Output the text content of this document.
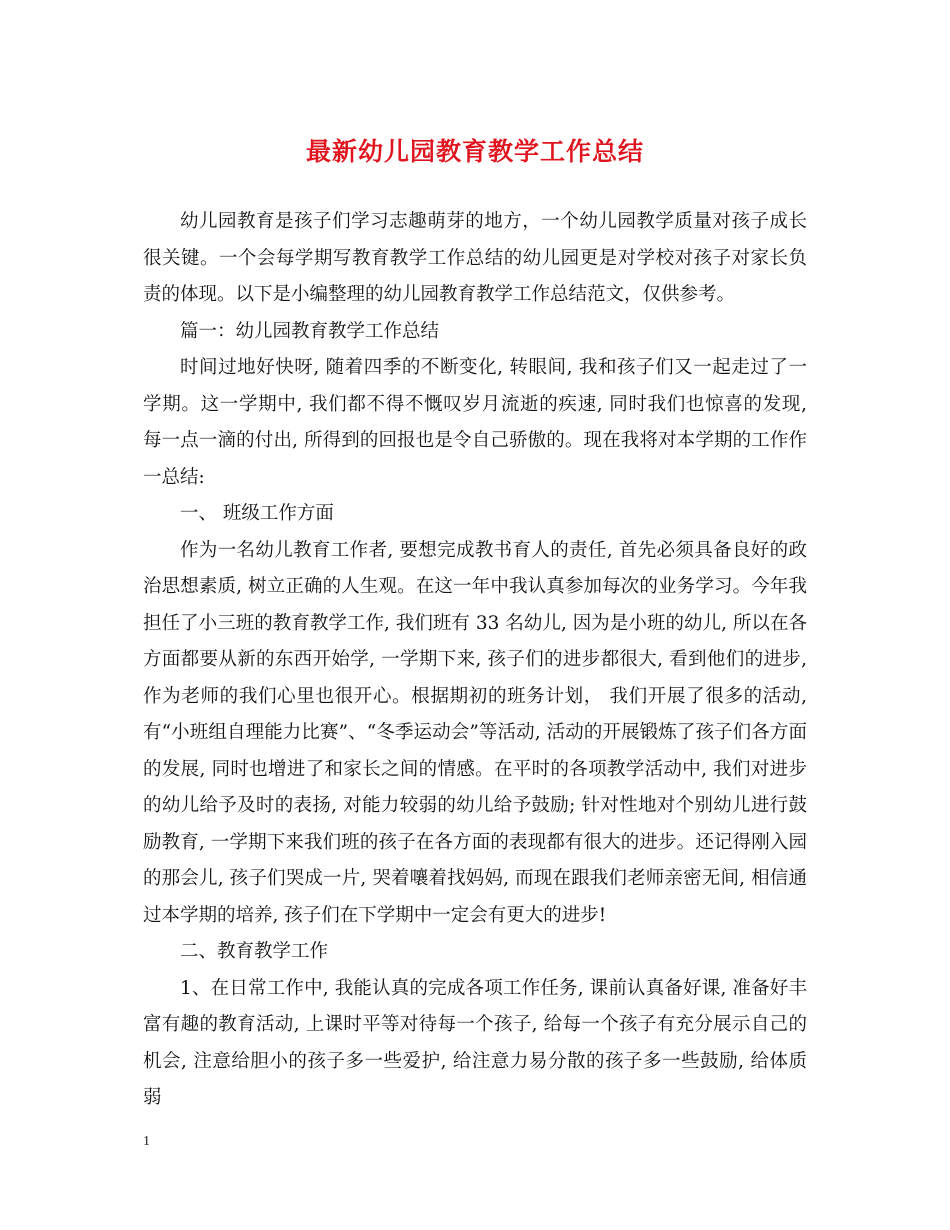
最新幼儿园教育教学工作总结

幼儿园教育是孩子们学习志趣萌芽的地方，一个幼儿园教学质量对孩子成长很关键。一个会每学期写教育教学工作总结的幼儿园更是对学校对孩子对家长负责的体现。以下是小编整理的幼儿园教育教学工作总结范文，仅供参考。

篇一：幼儿园教育教学工作总结

时间过地好快呀, 随着四季的不断变化, 转眼间, 我和孩子们又一起走过了一学期。这一学期中, 我们都不得不慨叹岁月流逝的疾速, 同时我们也惊喜的发现, 每一点一滴的付出, 所得到的回报也是令自己骄傲的。现在我将对本学期的工作作一总结:

一、 班级工作方面

作为一名幼儿教育工作者, 要想完成教书育人的责任, 首先必须具备良好的政治思想素质, 树立正确的人生观。在这一年中我认真参加每次的业务学习。今年我担任了小三班的教育教学工作, 我们班有 33 名幼儿, 因为是小班的幼儿, 所以在各方面都要从新的东西开始学, 一学期下来, 孩子们的进步都很大, 看到他们的进步, 作为老师的我们心里也很开心。根据期初的班务计划， 我们开展了很多的活动, 有“小班组自理能力比赛”、“冬季运动会”等活动, 活动的开展锻炼了孩子们各方面的发展, 同时也增进了和家长之间的情感。在平时的各项教学活动中, 我们对进步的幼儿给予及时的表扬, 对能力较弱的幼儿给予鼓励; 针对性地对个别幼儿进行鼓励教育, 一学期下来我们班的孩子在各方面的表现都有很大的进步。还记得刚入园的那会儿, 孩子们哭成一片, 哭着嚷着找妈妈, 而现在跟我们老师亲密无间, 相信通过本学期的培养, 孩子们在下学期中一定会有更大的进步!

二、教育教学工作

1、在日常工作中, 我能认真的完成各项工作任务, 课前认真备好课, 准备好丰富有趣的教育活动, 上课时平等对待每一个孩子, 给每一个孩子有充分展示自己的机会, 注意给胆小的孩子多一些爱护, 给注意力易分散的孩子多一些鼓励, 给体质弱

1
